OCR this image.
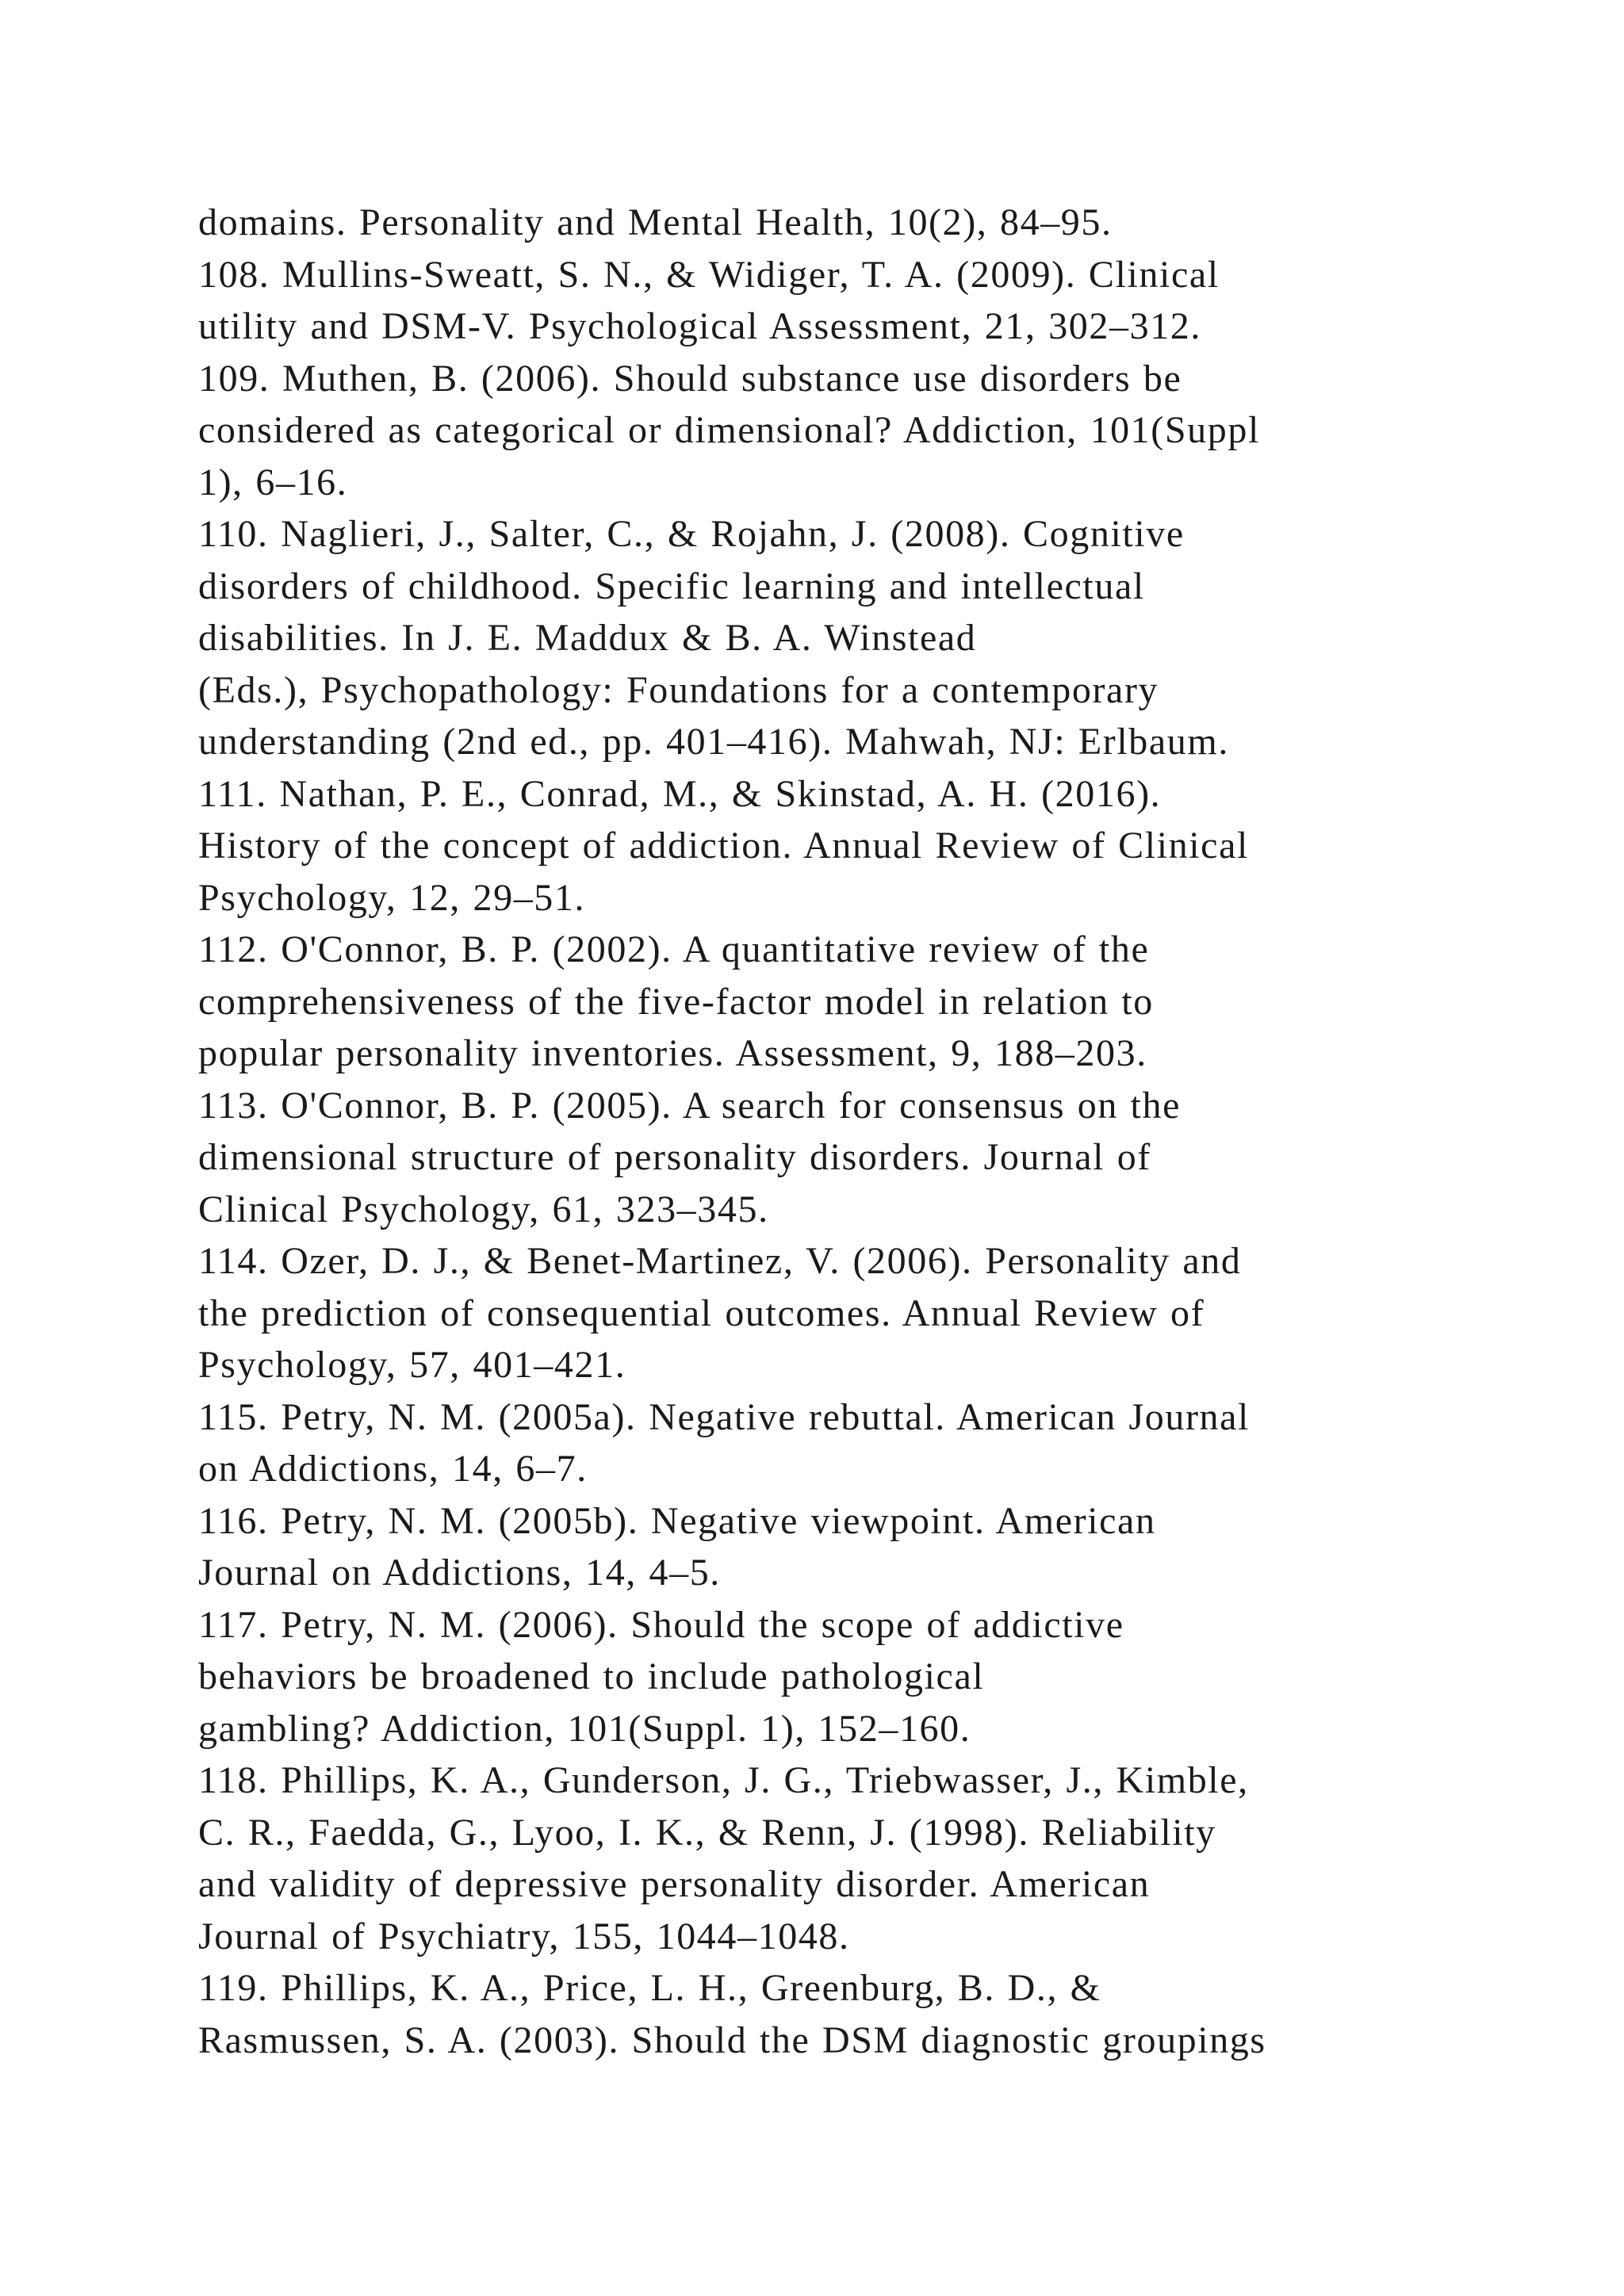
domains. Personality and Mental Health, 10(2), 84–95.
108. Mullins-Sweatt, S. N., & Widiger, T. A. (2009). Clinical
utility and DSM-V. Psychological Assessment, 21, 302–312.
109. Muthen, B. (2006). Should substance use disorders be
considered as categorical or dimensional? Addiction, 101(Suppl
1), 6–16.
110. Naglieri, J., Salter, C., & Rojahn, J. (2008). Cognitive
disorders of childhood. Specific learning and intellectual
disabilities. In J. E. Maddux & B. A. Winstead
(Eds.), Psychopathology: Foundations for a contemporary
understanding (2nd ed., pp. 401–416). Mahwah, NJ: Erlbaum.
111. Nathan, P. E., Conrad, M., & Skinstad, A. H. (2016).
History of the concept of addiction. Annual Review of Clinical
Psychology, 12, 29–51.
112. O'Connor, B. P. (2002). A quantitative review of the
comprehensiveness of the five-factor model in relation to
popular personality inventories. Assessment, 9, 188–203.
113. O'Connor, B. P. (2005). A search for consensus on the
dimensional structure of personality disorders. Journal of
Clinical Psychology, 61, 323–345.
114. Ozer, D. J., & Benet-Martinez, V. (2006). Personality and
the prediction of consequential outcomes. Annual Review of
Psychology, 57, 401–421.
115. Petry, N. M. (2005a). Negative rebuttal. American Journal
on Addictions, 14, 6–7.
116. Petry, N. M. (2005b). Negative viewpoint. American
Journal on Addictions, 14, 4–5.
117. Petry, N. M. (2006). Should the scope of addictive
behaviors be broadened to include pathological
gambling? Addiction, 101(Suppl. 1), 152–160.
118. Phillips, K. A., Gunderson, J. G., Triebwasser, J., Kimble,
C. R., Faedda, G., Lyoo, I. K., & Renn, J. (1998). Reliability
and validity of depressive personality disorder. American
Journal of Psychiatry, 155, 1044–1048.
119. Phillips, K. A., Price, L. H., Greenburg, B. D., &
Rasmussen, S. A. (2003). Should the DSM diagnostic groupings
